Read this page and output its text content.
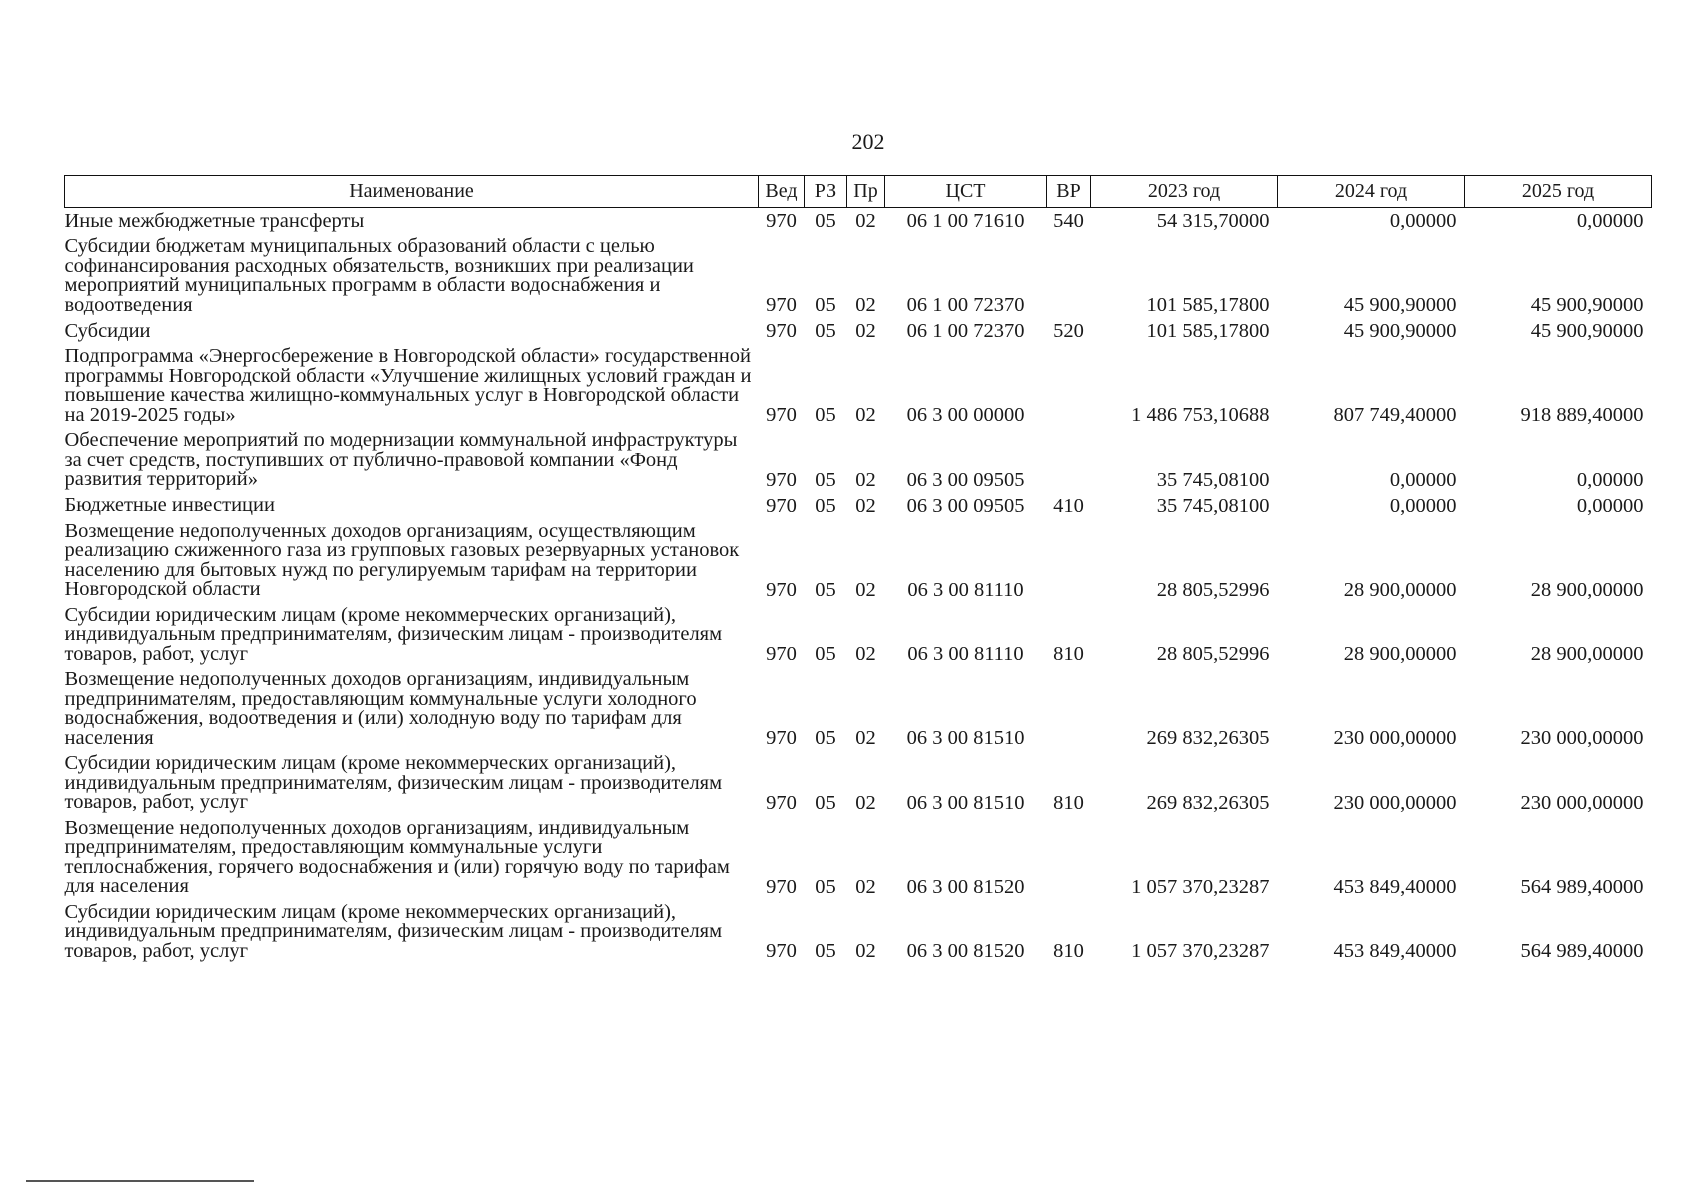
202
Наименование	Вед	РЗ	Пр	ЦСТ	ВР	2023 год	2024 год	2025 год
Иные межбюджетные трансферты	970	05	02	06 1 00 71610	540	54 315,70000	0,00000	0,00000
Субсидии бюджетам муниципальных образований области с целью софинансирования расходных обязательств, возникших при реализации мероприятий муниципальных программ в области водоснабжения и водоотведения	970	05	02	06 1 00 72370		101 585,17800	45 900,90000	45 900,90000
Субсидии	970	05	02	06 1 00 72370	520	101 585,17800	45 900,90000	45 900,90000
Подпрограмма «Энергосбережение в Новгородской области» государственной программы Новгородской области «Улучшение жилищных условий граждан и повышение качества жилищно-коммунальных услуг в Новгородской области на 2019-2025 годы»	970	05	02	06 3 00 00000		1 486 753,10688	807 749,40000	918 889,40000
Обеспечение мероприятий по модернизации коммунальной инфраструктуры за счет средств, поступивших от публично-правовой компании «Фонд развития территорий»	970	05	02	06 3 00 09505		35 745,08100	0,00000	0,00000
Бюджетные инвестиции	970	05	02	06 3 00 09505	410	35 745,08100	0,00000	0,00000
Возмещение недополученных доходов организациям, осуществляющим реализацию сжиженного газа из групповых газовых резервуарных установок населению для бытовых нужд по регулируемым тарифам на территории Новгородской области	970	05	02	06 3 00 81110		28 805,52996	28 900,00000	28 900,00000
Субсидии юридическим лицам (кроме некоммерческих организаций), индивидуальным предпринимателям, физическим лицам - производителям товаров, работ, услуг	970	05	02	06 3 00 81110	810	28 805,52996	28 900,00000	28 900,00000
Возмещение недополученных доходов организациям, индивидуальным предпринимателям, предоставляющим коммунальные услуги холодного водоснабжения, водоотведения и (или) холодную воду по тарифам для населения	970	05	02	06 3 00 81510		269 832,26305	230 000,00000	230 000,00000
Субсидии юридическим лицам (кроме некоммерческих организаций), индивидуальным предпринимателям, физическим лицам - производителям товаров, работ, услуг	970	05	02	06 3 00 81510	810	269 832,26305	230 000,00000	230 000,00000
Возмещение недополученных доходов организациям, индивидуальным предпринимателям, предоставляющим коммунальные услуги теплоснабжения, горячего водоснабжения и (или) горячую воду по тарифам для населения	970	05	02	06 3 00 81520		1 057 370,23287	453 849,40000	564 989,40000
Субсидии юридическим лицам (кроме некоммерческих организаций), индивидуальным предпринимателям, физическим лицам - производителям товаров, работ, услуг	970	05	02	06 3 00 81520	810	1 057 370,23287	453 849,40000	564 989,40000
